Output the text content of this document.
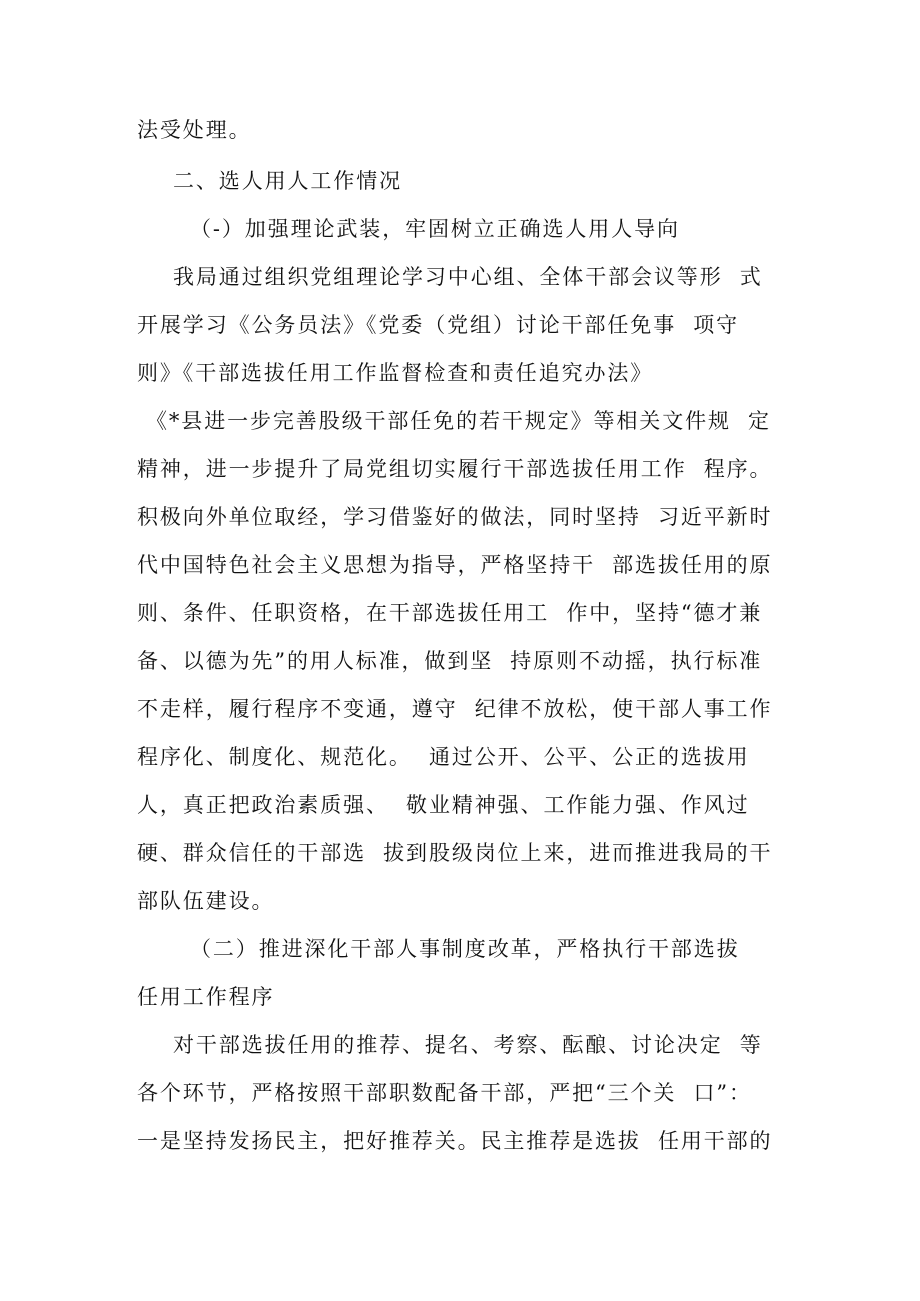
法受处理。
二、选人用人工作情况
（-）加强理论武装，牢固树立正确选人用人导向
我局通过组织党组理论学习中心组、全体干部会议等形  式
开展学习《公务员法》《党委（党组）讨论干部任免事  项守
则》《干部选拔任用工作监督检查和责任追究办法》
《*县进一步完善股级干部任免的若干规定》等相关文件规  定
精神，进一步提升了局党组切实履行干部选拔任用工作  程序。
积极向外单位取经，学习借鉴好的做法，同时坚持  习近平新时
代中国特色社会主义思想为指导，严格坚持干  部选拔任用的原
则、条件、任职资格，在干部选拔任用工  作中，坚持“德才兼
备、以德为先”的用人标准，做到坚  持原则不动摇，执行标准
不走样，履行程序不变通，遵守  纪律不放松，使干部人事工作
程序化、制度化、规范化。  通过公开、公平、公正的选拔用
人，真正把政治素质强、  敬业精神强、工作能力强、作风过
硬、群众信任的干部选  拔到股级岗位上来，进而推进我局的干
部队伍建设。
（二）推进深化干部人事制度改革，严格执行干部选拔
任用工作程序
对干部选拔任用的推荐、提名、考察、酝酿、讨论决定  等
各个环节，严格按照干部职数配备干部，严把“三个关  口”：
一是坚持发扬民主，把好推荐关。民主推荐是选拔  任用干部的
